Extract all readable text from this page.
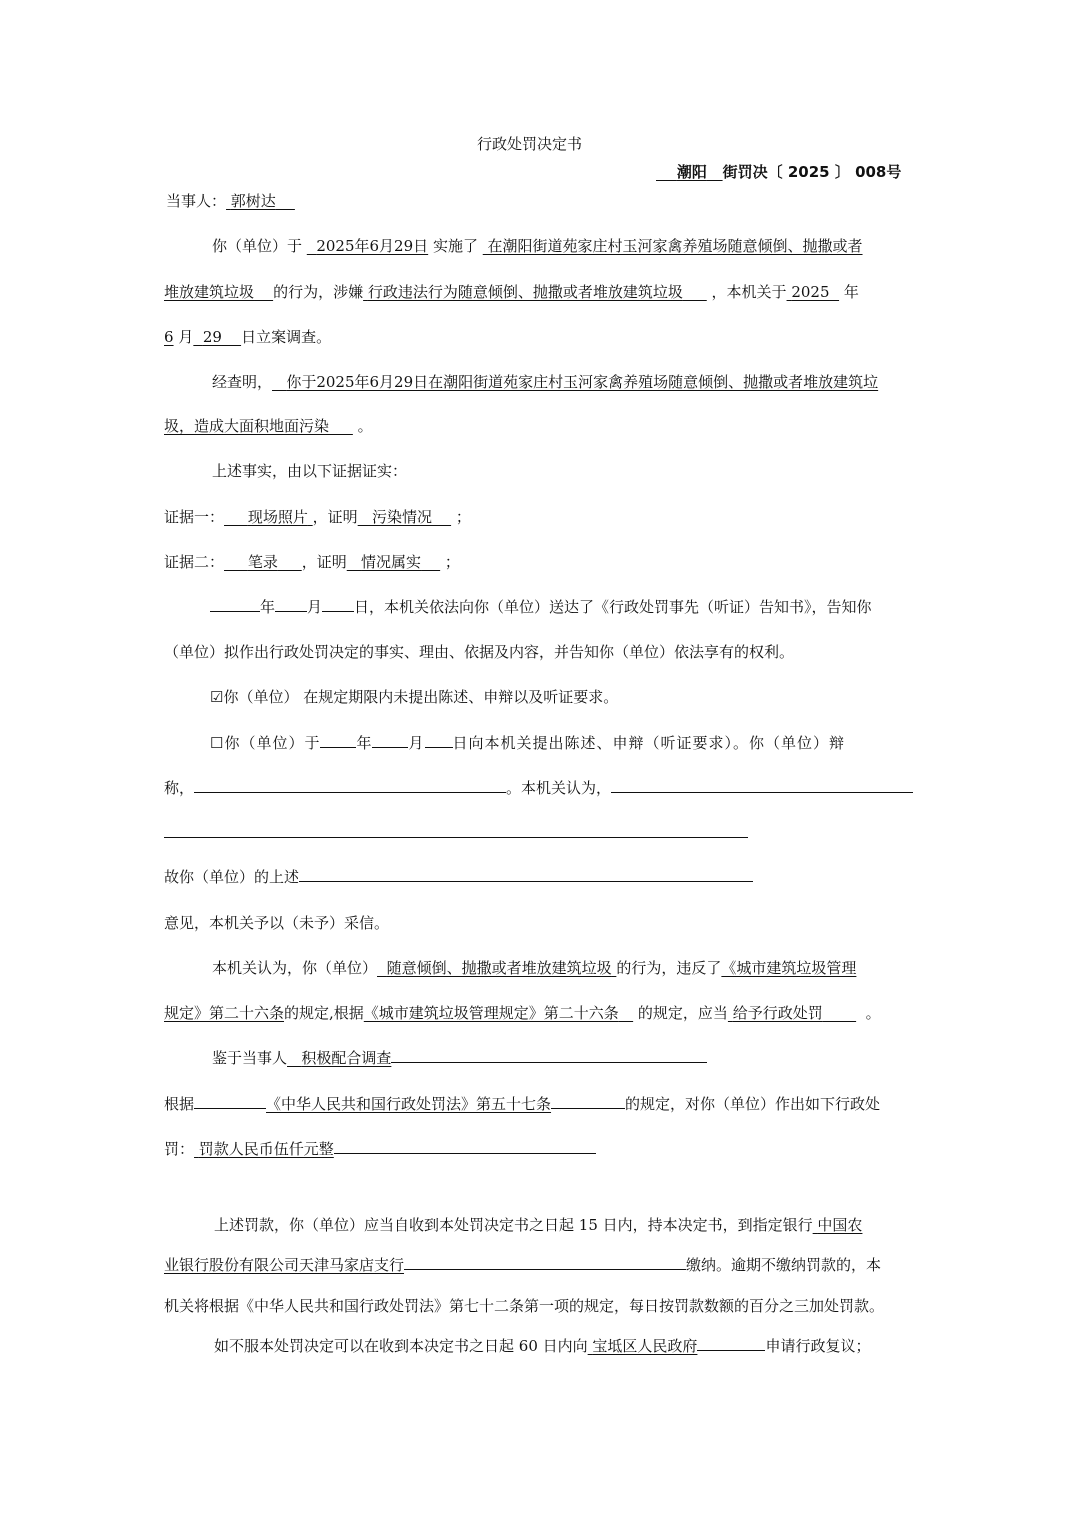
行政处罚决定书
潮阳 街罚决〔 2025 〕 008号
当事人： 郭树达
你（单位）于 2025年6月29日 实施了 在潮阳街道苑家庄村玉河家禽养殖场随意倾倒、抛撒或者
堆放建筑垃圾 的行为，涉嫌 行政违法行为随意倾倒、抛撒或者堆放建筑垃圾 ，本机关于 2025 年
6 月 29 日立案调查。
经查明， 你于2025年6月29日在潮阳街道苑家庄村玉河家禽养殖场随意倾倒、抛撒或者堆放建筑垃
圾，造成大面积地面污染 。
上述事实，由以下证据证实：
证据一： 现场照片 ，证明 污染情况 ；
证据二： 笔录 ，证明 情况属实 ；
年 月 日，本机关依法向你（单位）送达了《行政处罚事先（听证）告知书》，告知你
（单位）拟作出行政处罚决定的事实、理由、依据及内容，并告知你（单位）依法享有的权利。
☑你（单位） 在规定期限内未提出陈述、申辩以及听证要求。
☐你（单位）于 年 月 日向本机关提出陈述、申辩（听证要求）。你（单位）辩
称，	。本机关认为，
故你（单位）的上述
意见，本机关予以（未予）采信。
本机关认为，你（单位） 随意倾倒、抛撒或者堆放建筑垃圾 的行为，违反了《城市建筑垃圾管理
规定》第二十六条的规定,根据《城市建筑垃圾管理规定》第二十六条 的规定，应当 给予行政处罚	。
鉴于当事人 积极配合调查
根据	《中华人民共和国行政处罚法》第五十七条	的规定，对你（单位）作出如下行政处
罚： 罚款人民币伍仟元整
上述罚款，你（单位）应当自收到本处罚决定书之日起 15 日内，持本决定书，到指定银行 中国农
业银行股份有限公司天津马家店支行	缴纳。逾期不缴纳罚款的，本
机关将根据《中华人民共和国行政处罚法》第七十二条第一项的规定，每日按罚款数额的百分之三加处罚款。
如不服本处罚决定可以在收到本决定书之日起 60 日内向 宝坻区人民政府	申请行政复议；
